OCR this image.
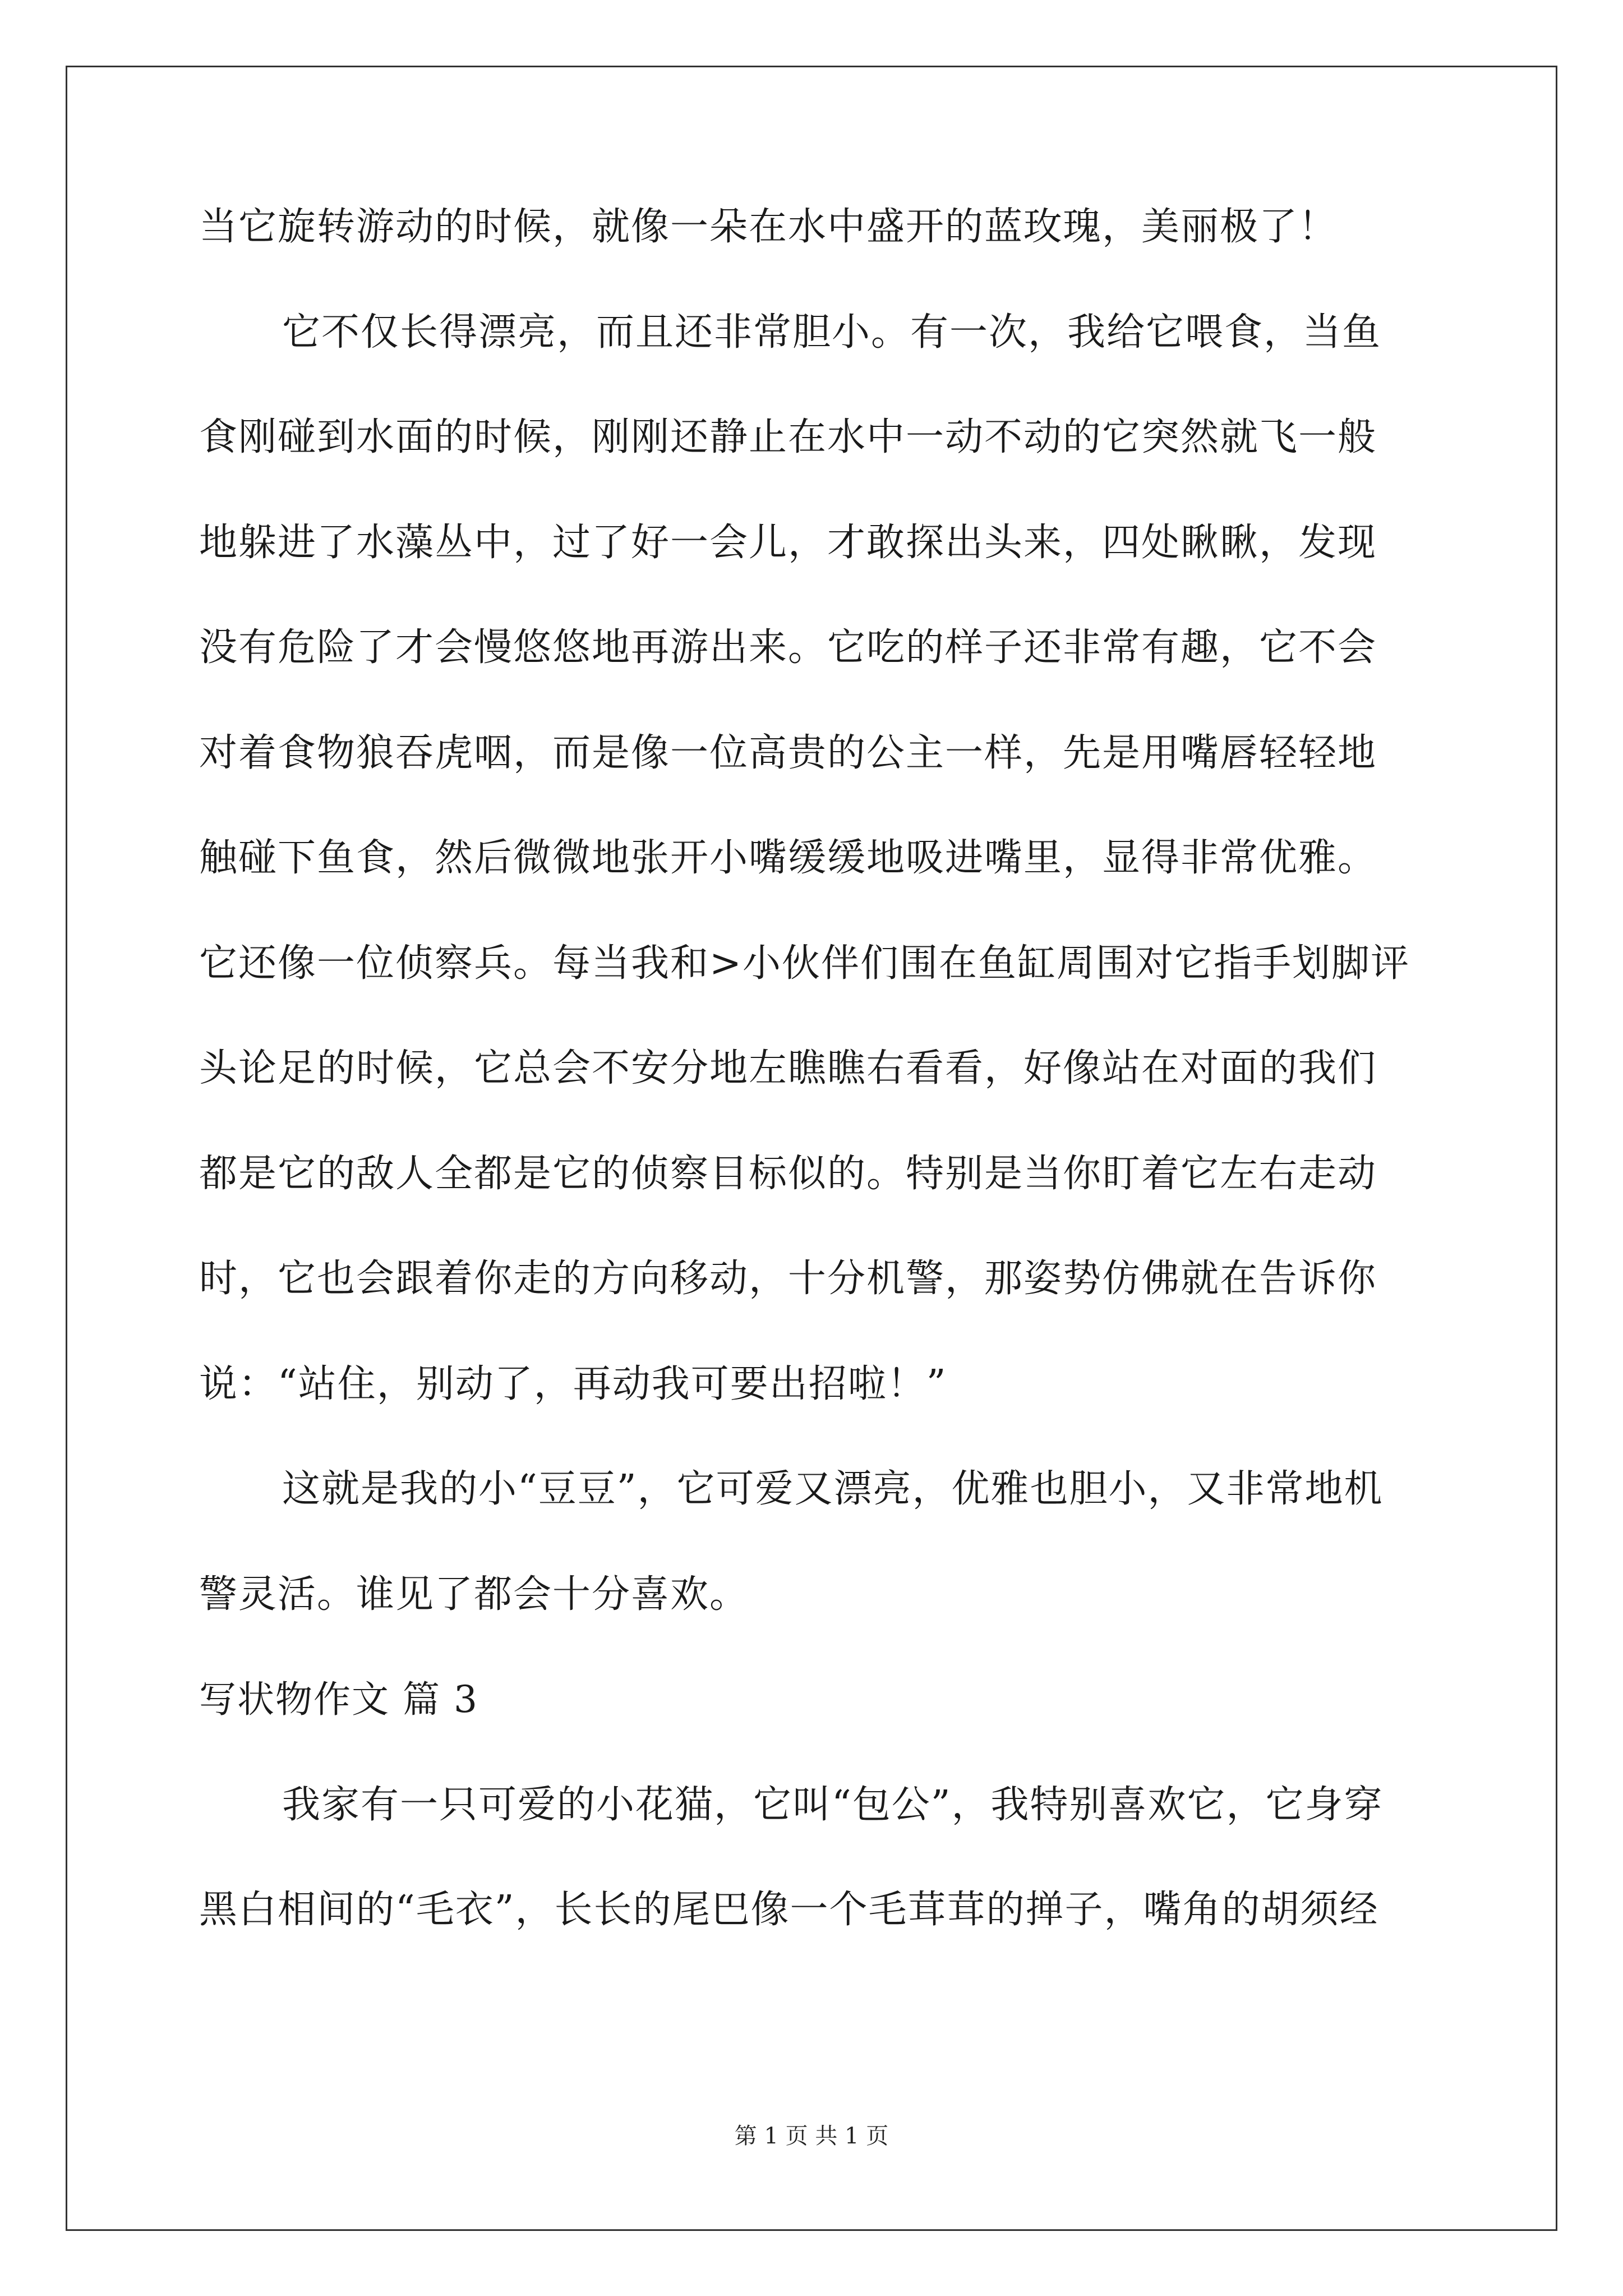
当它旋转游动的时候，就像一朵在水中盛开的蓝玫瑰，美丽极了！
它不仅长得漂亮，而且还非常胆小。有一次，我给它喂食，当鱼
食刚碰到水面的时候，刚刚还静止在水中一动不动的它突然就飞一般
地躲进了水藻丛中，过了好一会儿，才敢探出头来，四处瞅瞅，发现
没有危险了才会慢悠悠地再游出来。它吃的样子还非常有趣，它不会
对着食物狼吞虎咽，而是像一位高贵的公主一样，先是用嘴唇轻轻地
触碰下鱼食，然后微微地张开小嘴缓缓地吸进嘴里，显得非常优雅。
它还像一位侦察兵。每当我和>小伙伴们围在鱼缸周围对它指手划脚评
头论足的时候，它总会不安分地左瞧瞧右看看，好像站在对面的我们
都是它的敌人全都是它的侦察目标似的。特别是当你盯着它左右走动
时，它也会跟着你走的方向移动，十分机警，那姿势仿佛就在告诉你
说：“站住，别动了，再动我可要出招啦！”
这就是我的小“豆豆”，它可爱又漂亮，优雅也胆小，又非常地机
警灵活。谁见了都会十分喜欢。
写状物作文 篇 3
我家有一只可爱的小花猫，它叫“包公”，我特别喜欢它，它身穿
黑白相间的“毛衣”，长长的尾巴像一个毛茸茸的掸子，嘴角的胡须经
第 1 页 共 1 页
